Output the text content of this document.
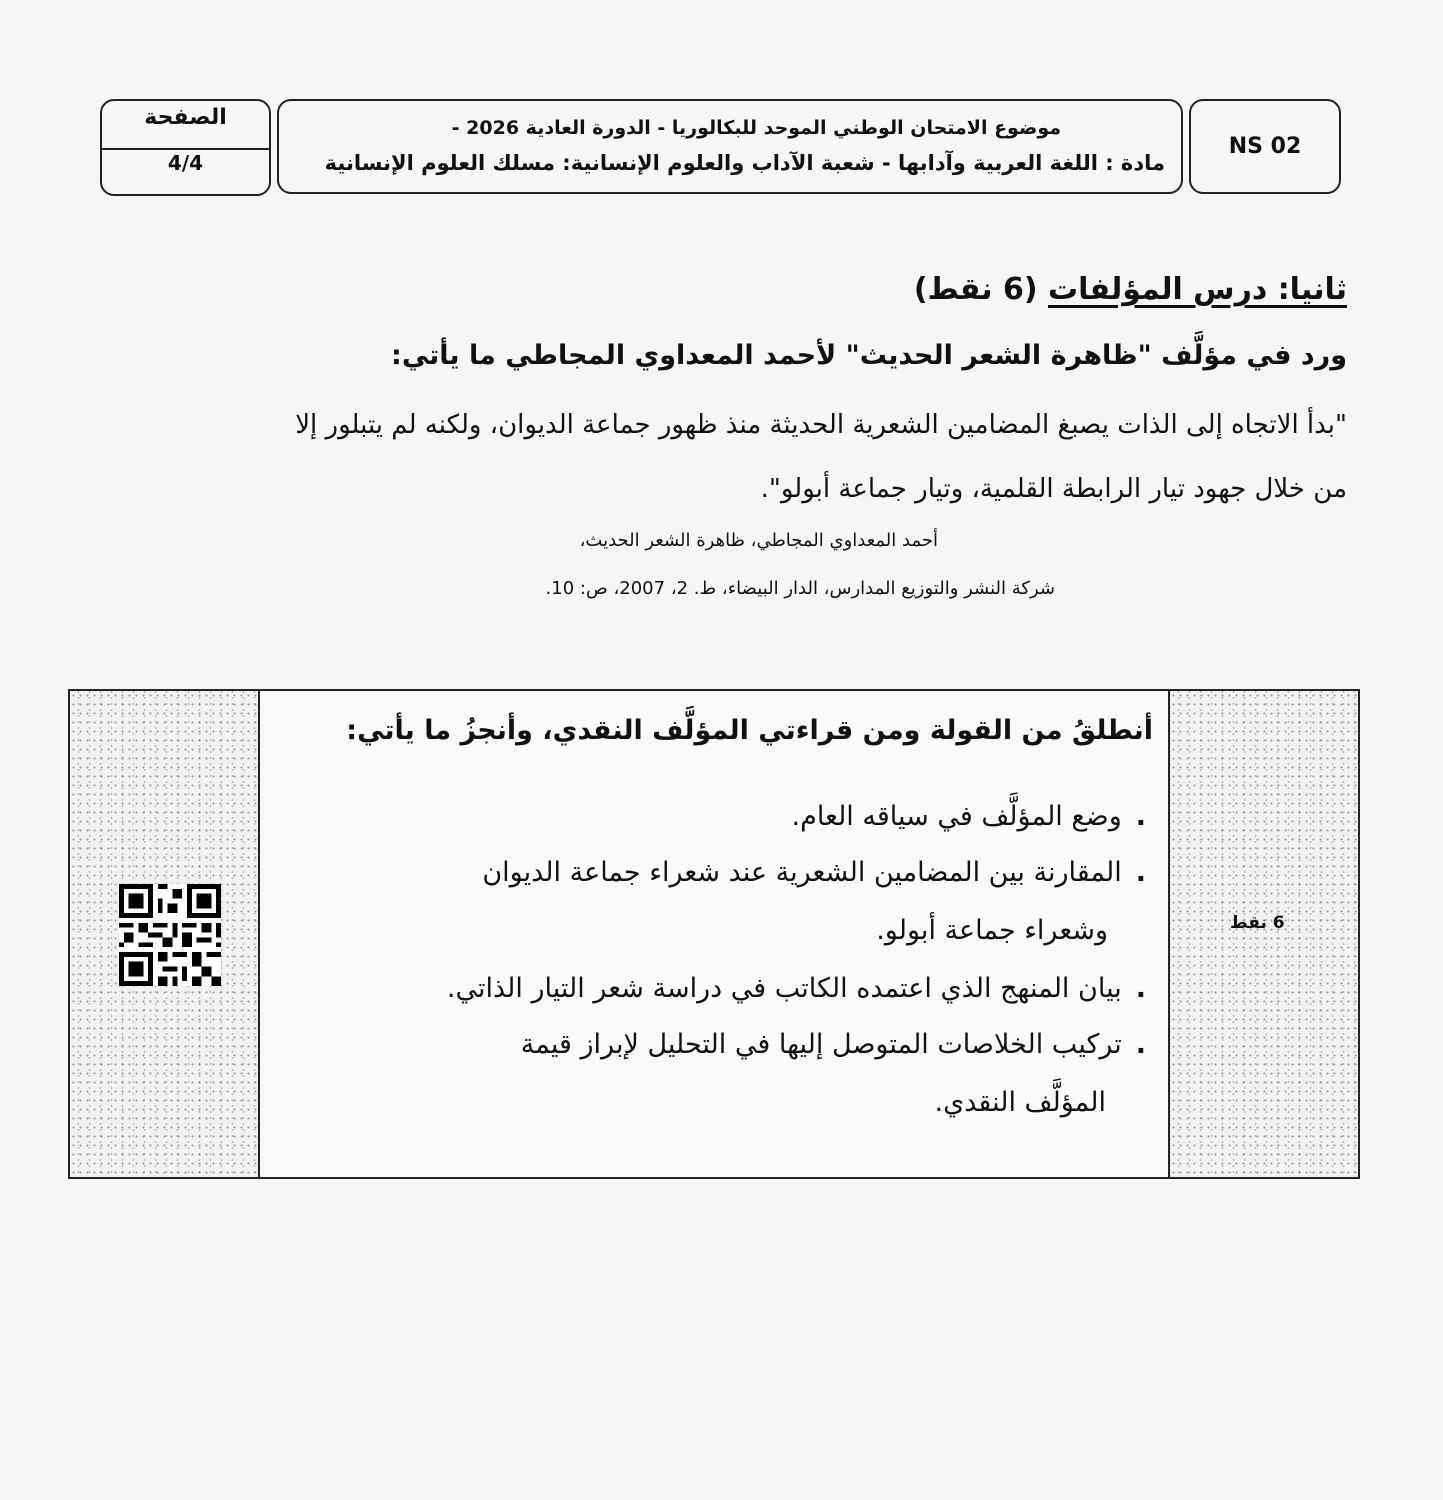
NS 02
موضوع الامتحان الوطني الموحد للبكالوريا - الدورة العادية 2026 -
مادة : اللغة العربية وآدابها - شعبة الآداب والعلوم الإنسانية: مسلك العلوم الإنسانية
الصفحة
4/4
ثانيا: درس المؤلفات (6 نقط)
ورد في مؤلَّف "ظاهرة الشعر الحديث" لأحمد المعداوي المجاطي ما يأتي:
"بدأ الاتجاه إلى الذات يصبغ المضامين الشعرية الحديثة منذ ظهور جماعة الديوان، ولكنه لم يتبلور إلا
من خلال جهود تيار الرابطة القلمية، وتيار جماعة أبولو".
أحمد المعداوي المجاطي، ظاهرة الشعر الحديث،
شركة النشر والتوزيع المدارس، الدار البيضاء، ط. 2، 2007، ص: 10.
6 نقط
أنطلقُ من القولة ومن قراءتي المؤلَّف النقدي، وأنجزُ ما يأتي:
.وضع المؤلَّف في سياقه العام.
.المقارنة بين المضامين الشعرية عند شعراء جماعة الديوان
وشعراء جماعة أبولو.
.بيان المنهج الذي اعتمده الكاتب في دراسة شعر التيار الذاتي.
.تركيب الخلاصات المتوصل إليها في التحليل لإبراز قيمة
المؤلَّف النقدي.
